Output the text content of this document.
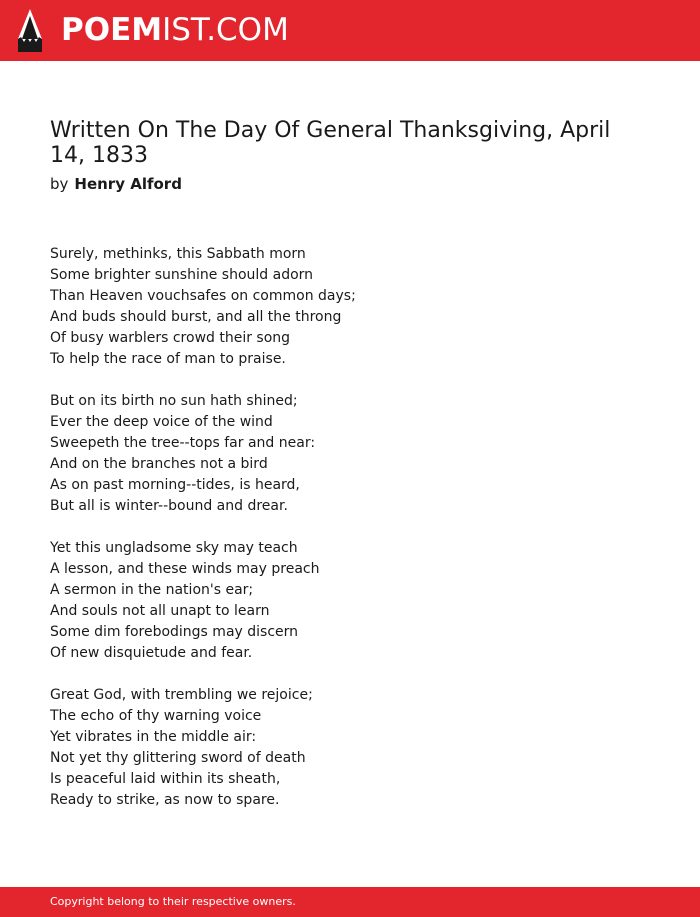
POEMIST.COM
Written On The Day Of General Thanksgiving, April 14, 1833
by Henry Alford
Surely, methinks, this Sabbath morn
Some brighter sunshine should adorn
Than Heaven vouchsafes on common days;
And buds should burst, and all the throng
Of busy warblers crowd their song
To help the race of man to praise.
But on its birth no sun hath shined;
Ever the deep voice of the wind
Sweepeth the tree--tops far and near:
And on the branches not a bird
As on past morning--tides, is heard,
But all is winter--bound and drear.
Yet this ungladsome sky may teach
A lesson, and these winds may preach
A sermon in the nation's ear;
And souls not all unapt to learn
Some dim forebodings may discern
Of new disquietude and fear.
Great God, with trembling we rejoice;
The echo of thy warning voice
Yet vibrates in the middle air:
Not yet thy glittering sword of death
Is peaceful laid within its sheath,
Ready to strike, as now to spare.
Copyright belong to their respective owners.
